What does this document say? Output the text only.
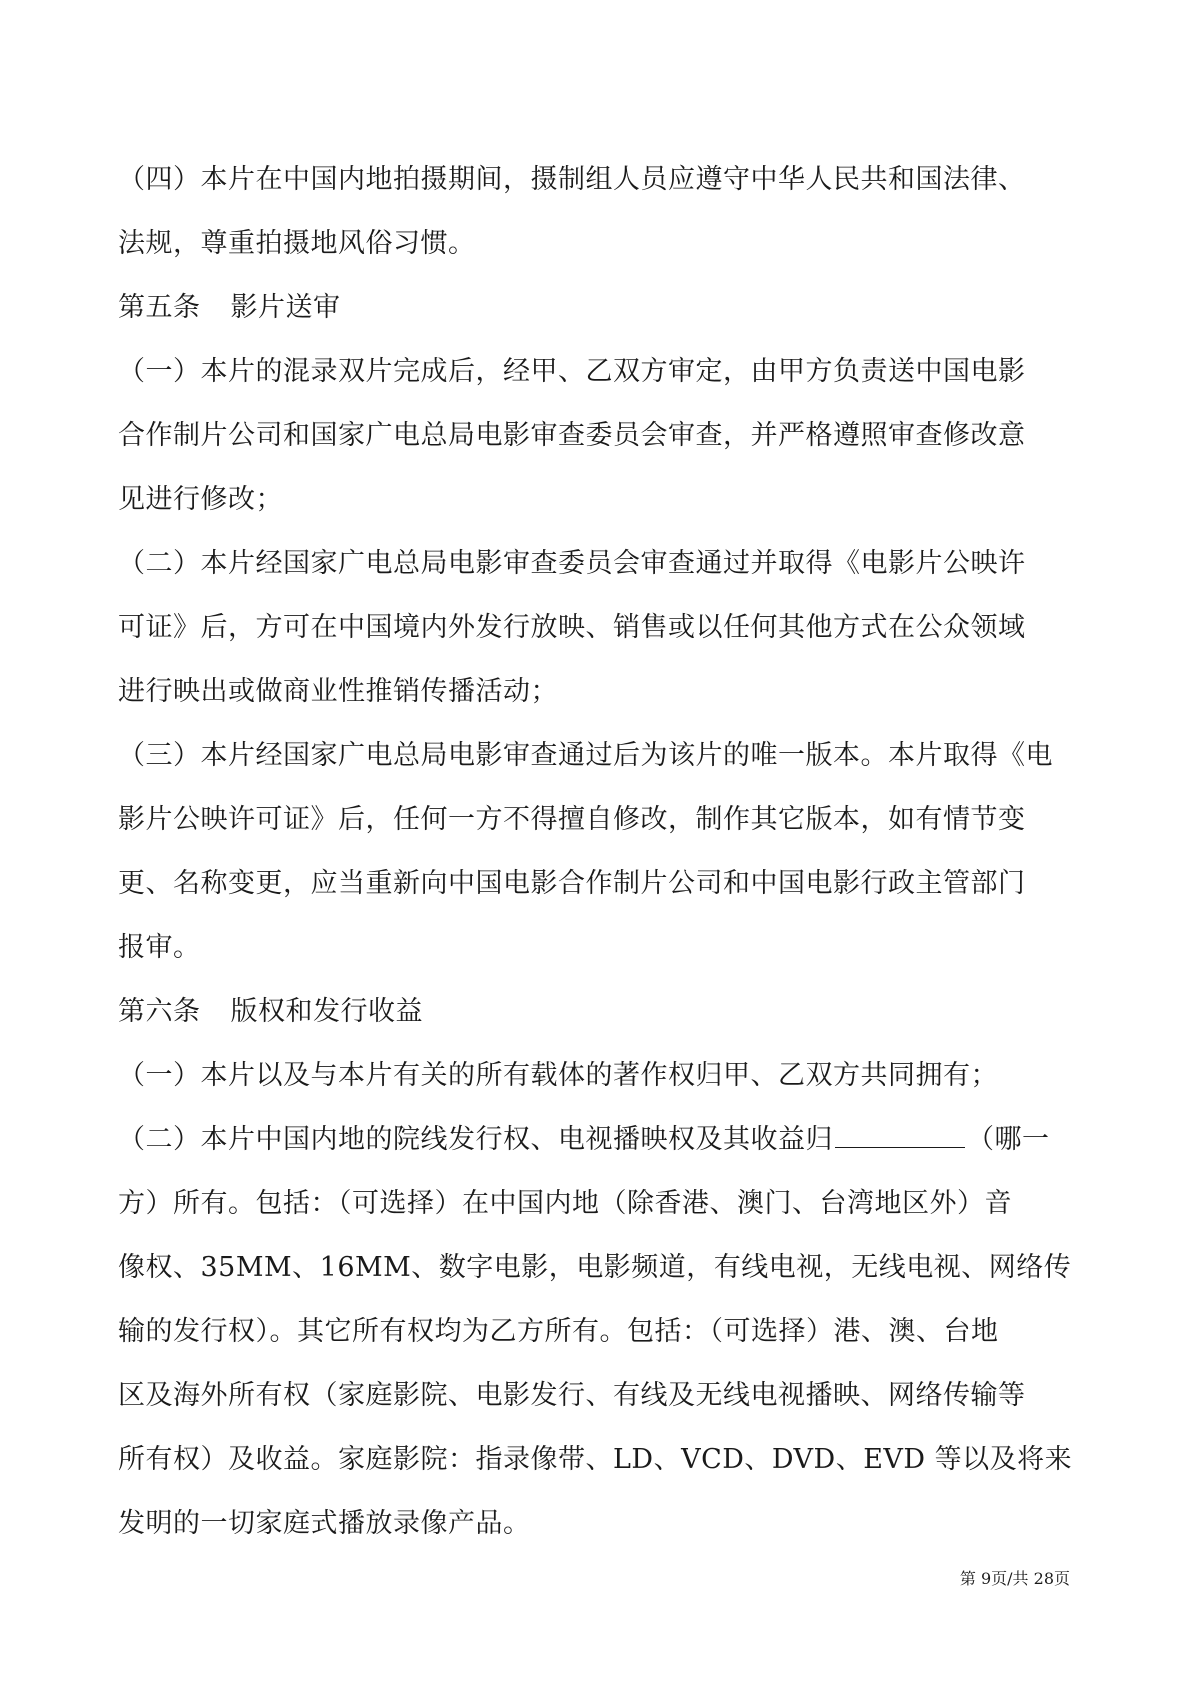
（四）本片在中国内地拍摄期间，摄制组人员应遵守中华人民共和国法律、
法规，尊重拍摄地风俗习惯。
第五条 影片送审
（一）本片的混录双片完成后，经甲、乙双方审定，由甲方负责送中国电影
合作制片公司和国家广电总局电影审查委员会审查，并严格遵照审查修改意
见进行修改；
（二）本片经国家广电总局电影审查委员会审查通过并取得《电影片公映许
可证》后，方可在中国境内外发行放映、销售或以任何其他方式在公众领域
进行映出或做商业性推销传播活动；
（三）本片经国家广电总局电影审查通过后为该片的唯一版本。本片取得《电
影片公映许可证》后，任何一方不得擅自修改，制作其它版本，如有情节变
更、名称变更，应当重新向中国电影合作制片公司和中国电影行政主管部门
报审。
第六条 版权和发行收益
（一）本片以及与本片有关的所有载体的著作权归甲、乙双方共同拥有；
（二）本片中国内地的院线发行权、电视播映权及其收益归	（哪一
方）所有。包括：（可选择）在中国内地（除香港、澳门、台湾地区外）音
像权、35MM、16MM、数字电影，电影频道，有线电视，无线电视、网络传
输的发行权）。其它所有权均为乙方所有。包括：（可选择）港、澳、台地
区及海外所有权（家庭影院、电影发行、有线及无线电视播映、网络传输等
所有权）及收益。家庭影院：指录像带、LD、VCD、DVD、EVD 等以及将来
发明的一切家庭式播放录像产品。
第 9页/共 28页
